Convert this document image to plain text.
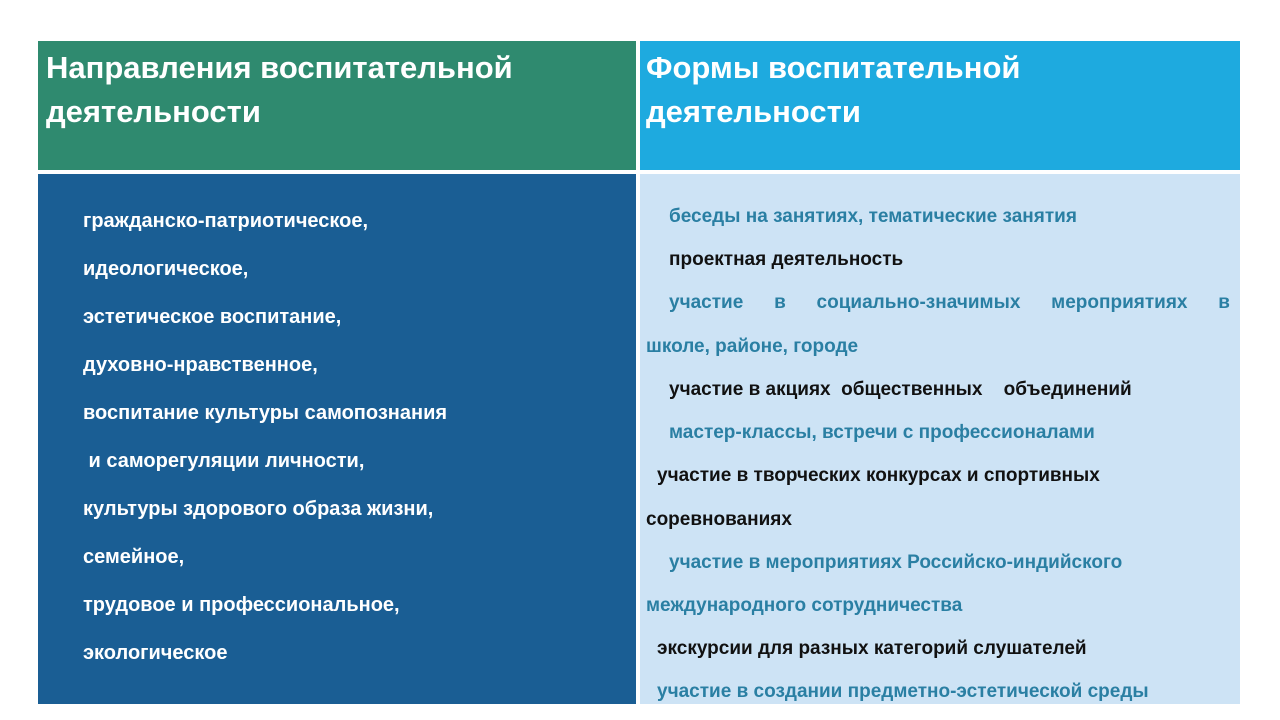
Направления воспитательной деятельности

Формы воспитательной деятельности

гражданско-патриотическое,
идеологическое,
эстетическое воспитание,
духовно-нравственное,
воспитание культуры самопознания
и саморегуляции личности,
культуры здорового образа жизни,
семейное,
трудовое и профессиональное,
экологическое
беседы на занятиях, тематические занятия
проектная деятельность
участие в социально-значимых мероприятиях в
школе, районе, городе
участие в акциях  общественных    объединений
мастер-классы, встречи с профессионалами
участие в творческих конкурсах и спортивных
соревнованиях
участие в мероприятиях Российско-индийского
международного сотрудничества
экскурсии для разных категорий слушателей
участие в создании предметно-эстетической среды
